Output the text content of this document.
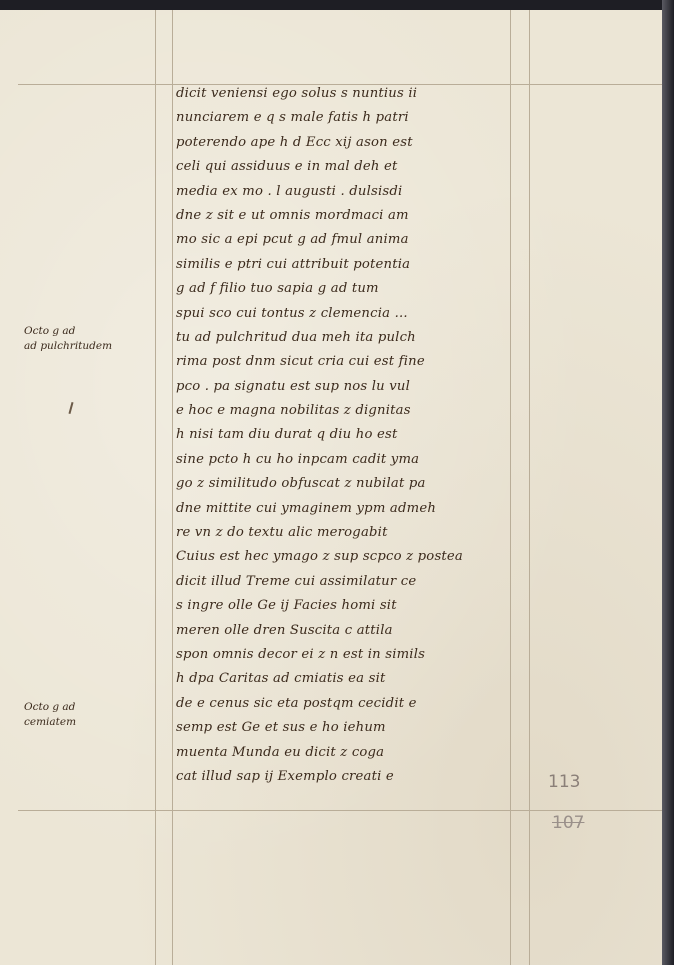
dicit veniensi ego solus s nuntius ii
nunciarem e q s male fatis h patri
poterendo ape h d Ecc xij ason est
celi qui assiduus e in mal deh et
media ex mo . l augusti . dulsisdi
dne z sit e ut omnis mordmaci am
mo sic a epi pcut g ad fmul anima
similis e ptri cui attribuit potentia
g ad f filio tuo sapia g ad tum
spui sco cui tontus z clemencia ...
tu ad pulchritud dua meh ita pulch
rima post dnm sicut cria cui est fine
pco . pa signatu est sup nos lu vul
e hoc e magna nobilitas z dignitas
h nisi tam diu durat q diu ho est
sine pcto h cu ho inpcam cadit yma
go z similitudo obfuscat z nubilat pa
dne mittite cui ymaginem ypm admeh
re vn z do textu alic merogabit
Cuius est hec ymago z sup scpco z postea
dicit illud Treme cui assimilatur ce
s ingre olle Ge ij Facies homi sit
meren olle dren Suscita c attila
spon omnis decor ei z n est in simils
h dpa Caritas ad cmiatis ea sit
de e cenus sic eta postqm cecidit e
semp est Ge et sus e ho iehum
muenta Munda eu dicit z coga
cat illud sap ij Exemplo creati e
Octo g ad
ad pulchritudem
Octo g ad
cemiatem
113
107
